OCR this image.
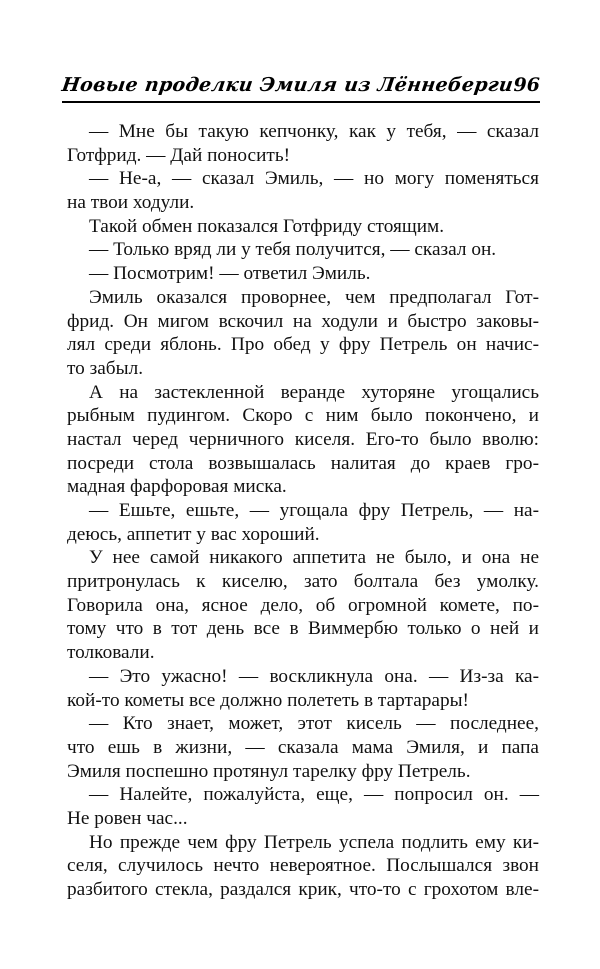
Новые проделки Эмиля из Лённеберги
96
— Мне бы такую кепчонку, как у тебя, — сказал
Готфрид. — Дай поносить!
— Не-а, — сказал Эмиль, — но могу поменяться
на твои ходули.
Такой обмен показался Готфриду стоящим.
— Только вряд ли у тебя получится, — сказал он.
— Посмотрим! — ответил Эмиль.
Эмиль оказался проворнее, чем предполагал Гот-
фрид. Он мигом вскочил на ходули и быстро заковы-
лял среди яблонь. Про обед у фру Петрель он начис-
то забыл.
А на застекленной веранде хуторяне угощались
рыбным пудингом. Скоро с ним было покончено, и
настал черед черничного киселя. Его-то было вволю:
посреди стола возвышалась налитая до краев гро-
мадная фарфоровая миска.
— Ешьте, ешьте, — угощала фру Петрель, — на-
деюсь, аппетит у вас хороший.
У нее самой никакого аппетита не было, и она не
притронулась к киселю, зато болтала без умолку.
Говорила она, ясное дело, об огромной комете, по-
тому что в тот день все в Виммербю только о ней и
толковали.
— Это ужасно! — воскликнула она. — Из-за ка-
кой-то кометы все должно полететь в тартарары!
— Кто знает, может, этот кисель — последнее,
что ешь в жизни, — сказала мама Эмиля, и папа
Эмиля поспешно протянул тарелку фру Петрель.
— Налейте, пожалуйста, еще, — попросил он. —
Не ровен час...
Но прежде чем фру Петрель успела подлить ему ки-
селя, случилось нечто невероятное. Послышался звон
разбитого стекла, раздался крик, что-то с грохотом вле-
